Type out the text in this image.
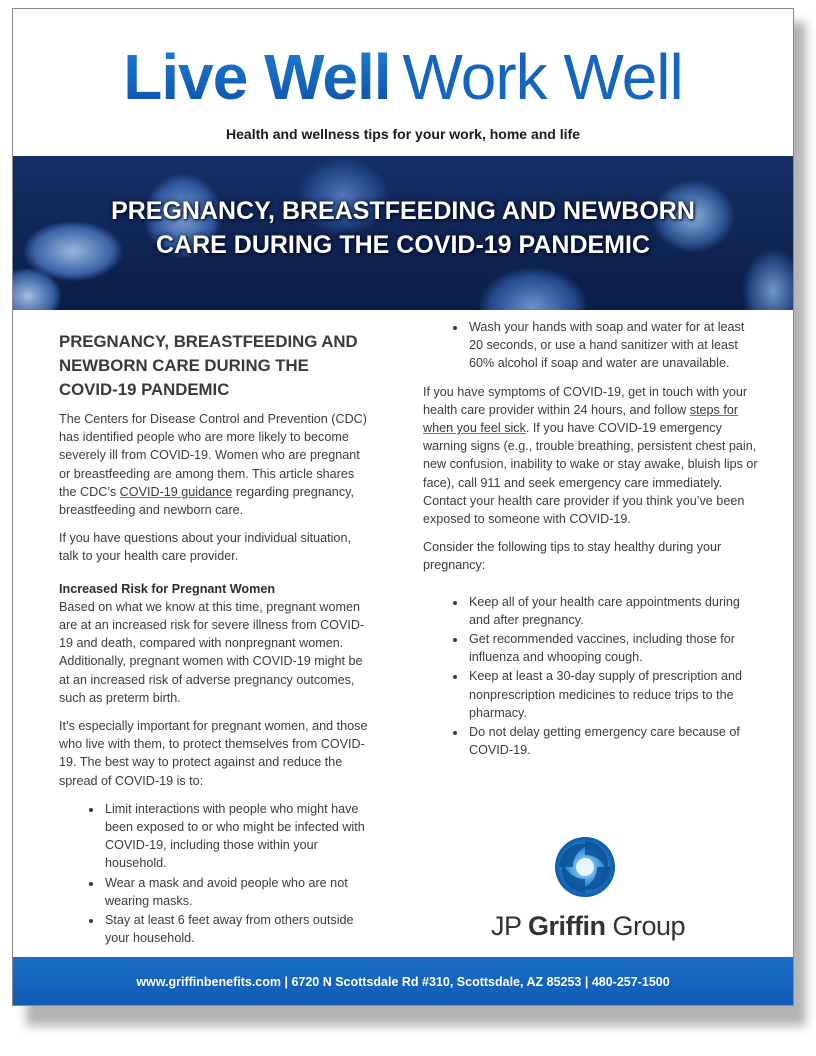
Live Well Work Well
Health and wellness tips for your work, home and life
PREGNANCY, BREASTFEEDING AND NEWBORN
CARE DURING THE COVID-19 PANDEMIC
PREGNANCY, BREASTFEEDING AND NEWBORN CARE DURING THE COVID-19 PANDEMIC

The Centers for Disease Control and Prevention (CDC) has identified people who are more likely to become severely ill from COVID-19. Women who are pregnant or breastfeeding are among them. This article shares the CDC’s COVID-19 guidance regarding pregnancy, breastfeeding and newborn care.

If you have questions about your individual situation, talk to your health care provider.

Increased Risk for Pregnant Women
Based on what we know at this time, pregnant women are at an increased risk for severe illness from COVID-19 and death, compared with nonpregnant women. Additionally, pregnant women with COVID-19 might be at an increased risk of adverse pregnancy outcomes, such as preterm birth.

It’s especially important for pregnant women, and those who live with them, to protect themselves from COVID-19. The best way to protect against and reduce the spread of COVID-19 is to:

• Limit interactions with people who might have been exposed to or who might be infected with COVID-19, including those within your household.
• Wear a mask and avoid people who are not wearing masks.
• Stay at least 6 feet away from others outside your household.
• Wash your hands with soap and water for at least 20 seconds, or use a hand sanitizer with at least 60% alcohol if soap and water are unavailable.

If you have symptoms of COVID-19, get in touch with your health care provider within 24 hours, and follow steps for when you feel sick. If you have COVID-19 emergency warning signs (e.g., trouble breathing, persistent chest pain, new confusion, inability to wake or stay awake, bluish lips or face), call 911 and seek emergency care immediately. Contact your health care provider if you think you’ve been exposed to someone with COVID-19.

Consider the following tips to stay healthy during your pregnancy:

• Keep all of your health care appointments during and after pregnancy.
• Get recommended vaccines, including those for influenza and whooping cough.
• Keep at least a 30-day supply of prescription and nonprescription medicines to reduce trips to the pharmacy.
• Do not delay getting emergency care because of COVID-19.
JP Griffin Group
www.griffinbenefits.com | 6720 N Scottsdale Rd #310, Scottsdale, AZ 85253 | 480-257-1500
